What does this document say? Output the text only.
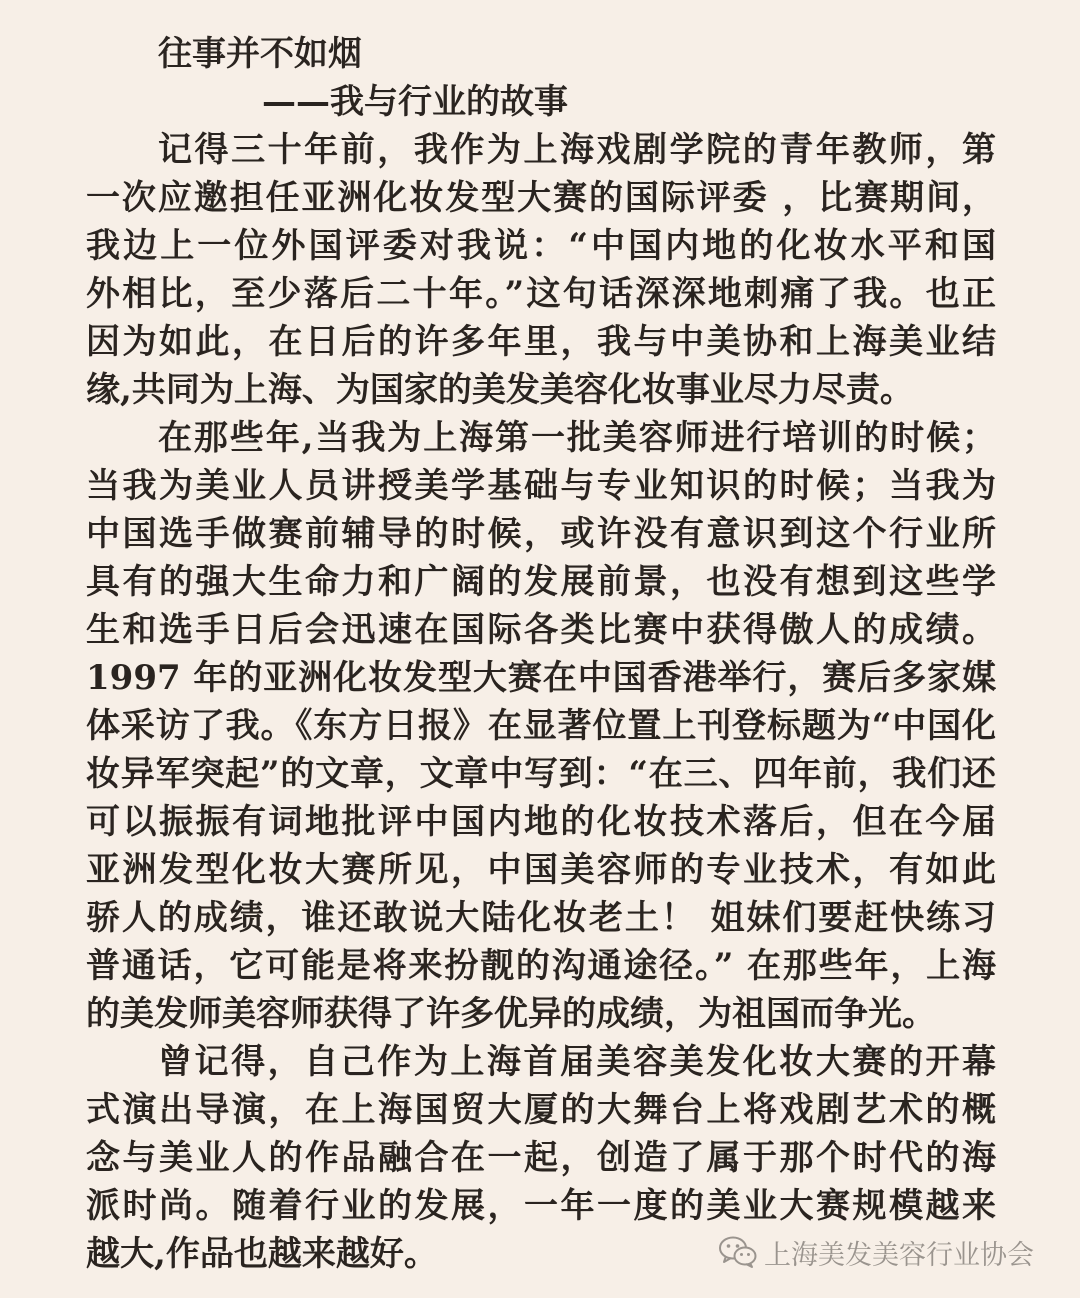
往事并不如烟
——我与行业的故事
记得三十年前，我作为上海戏剧学院的青年教师，第
一次应邀担任亚洲化妆发型大赛的国际评委 ，比赛期间，
我边上一位外国评委对我说：“中国内地的化妆水平和国
外相比，至少落后二十年。”这句话深深地刺痛了我。也正
因为如此，在日后的许多年里，我与中美协和上海美业结
缘,共同为上海、为国家的美发美容化妆事业尽力尽责。
在那些年,当我为上海第一批美容师进行培训的时候；
当我为美业人员讲授美学基础与专业知识的时候；当我为
中国选手做赛前辅导的时候，或许没有意识到这个行业所
具有的强大生命力和广阔的发展前景，也没有想到这些学
生和选手日后会迅速在国际各类比赛中获得傲人的成绩。
1997 年的亚洲化妆发型大赛在中国香港举行，赛后多家媒
体采访了我。《东方日报》在显著位置上刊登标题为“中国化
妆异军突起”的文章，文章中写到：“在三、四年前，我们还
可以振振有词地批评中国内地的化妆技术落后，但在今届
亚洲发型化妆大赛所见，中国美容师的专业技术，有如此
骄人的成绩，谁还敢说大陆化妆老土！ 姐妹们要赶快练习
普通话，它可能是将来扮靓的沟通途径。” 在那些年，上海
的美发师美容师获得了许多优异的成绩，为祖国而争光。
曾记得，自己作为上海首届美容美发化妆大赛的开幕
式演出导演，在上海国贸大厦的大舞台上将戏剧艺术的概
念与美业人的作品融合在一起，创造了属于那个时代的海
派时尚。随着行业的发展，一年一度的美业大赛规模越来
越大,作品也越来越好。	上海美发美容行业协会
